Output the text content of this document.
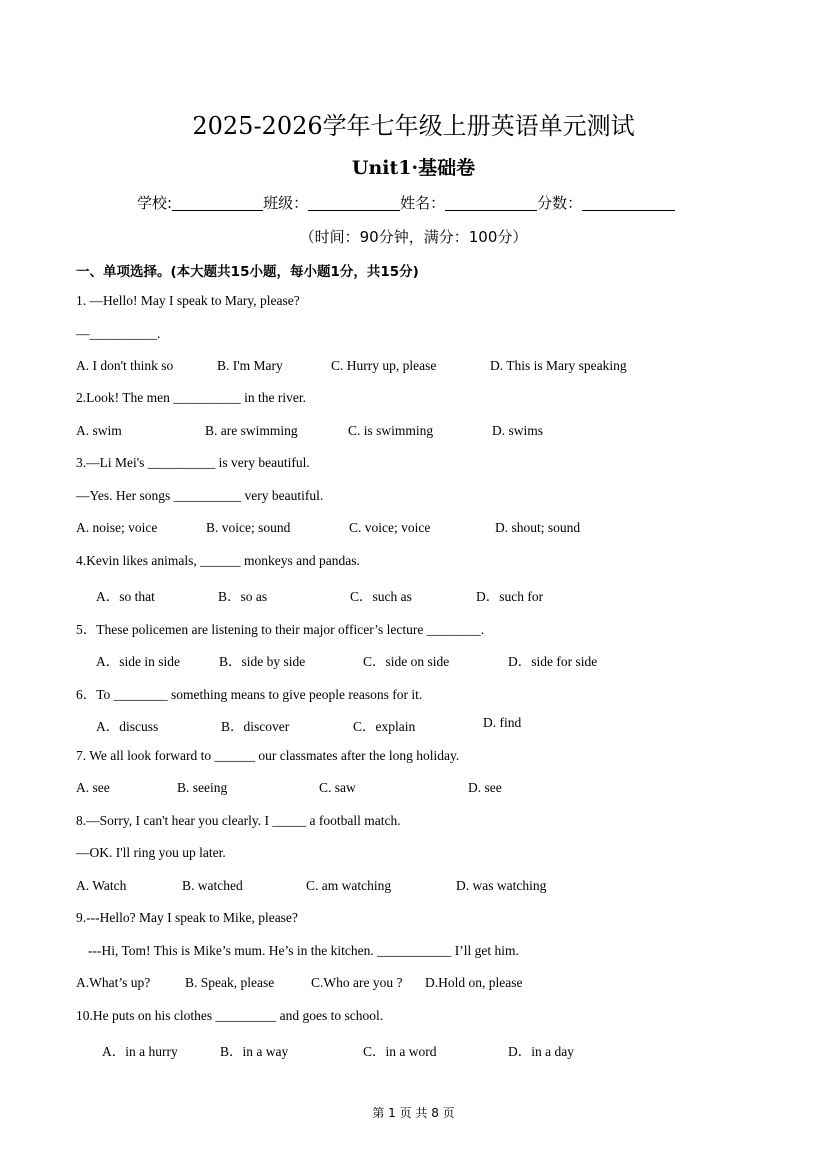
2025-2026学年七年级上册英语单元测试
Unit1·基础卷
学校:	班级：	姓名：	分数：
（时间：90分钟，满分：100分）
一、单项选择。(本大题共15小题，每小题1分，共15分)
1. —Hello! May I speak to Mary, please?
—__________.
A. I don't think so	B. I'm Mary	C. Hurry up, please	D. This is Mary speaking
2.Look! The men __________ in the river.
A. swim	B. are swimming	C. is swimming	D. swims
3.—Li Mei's __________ is very beautiful.
—Yes. Her songs __________ very beautiful.
A. noise; voice	B. voice; sound	C. voice; voice	D. shout; sound
4.Kevin likes animals, ______ monkeys and pandas.
A．so that	B．so as	C．such as	D．such for
5．These policemen are listening to their major officer’s lecture ________.
A．side in side	B．side by side	C．side on side	D．side for side
6．To ________ something means to give people reasons for it.
A．discuss	B．discover	C．explain	D. find
7. We all look forward to ______ our classmates after the long holiday.
A. see	B. seeing	C. saw	D. see
8.—Sorry, I can't hear you clearly. I _____ a football match.
—OK. I'll ring you up later.
A. Watch	B. watched	C. am watching	D. was watching
9.---Hello? May I speak to Mike, please?
---Hi, Tom! This is Mike’s mum. He’s in the kitchen. ___________ I’ll get him.
A.What’s up?	B. Speak, please	C.Who are you ? D.Hold on, please
10.He puts on his clothes _________ and goes to school.
A．in a hurry	B．in a way	C．in a word	D．in a day
第 1 页 共 8 页
